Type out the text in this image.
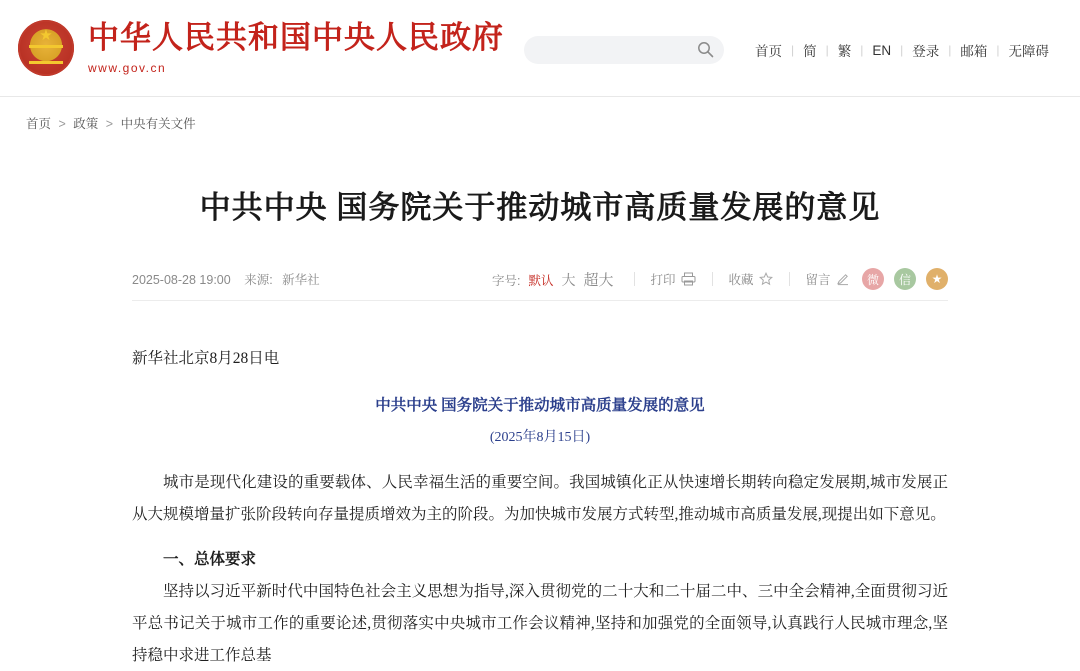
★
中华人民共和国中央人民政府
www.gov.cn
首页 | 简 | 繁 | EN | 登录 | 邮箱 | 无障碍
首页 > 政策 > 中央有关文件
中共中央 国务院关于推动城市高质量发展的意见
2025-08-28 19:00 来源: 新华社	字号: 默认 大 超大	打印	收藏	留言	微	信	★

新华社北京8月28日电

中共中央 国务院关于推动城市高质量发展的意见

(2025年8月15日)

城市是现代化建设的重要载体、人民幸福生活的重要空间。我国城镇化正从快速增长期转向稳定发展期,城市发展正从大规模增量扩张阶段转向存量提质增效为主的阶段。为加快城市发展方式转型,推动城市高质量发展,现提出如下意见。

一、总体要求

坚持以习近平新时代中国特色社会主义思想为指导,深入贯彻党的二十大和二十届二中、三中全会精神,全面贯彻习近平总书记关于城市工作的重要论述,贯彻落实中央城市工作会议精神,坚持和加强党的全面领导,认真践行人民城市理念,坚持稳中求进工作总基
